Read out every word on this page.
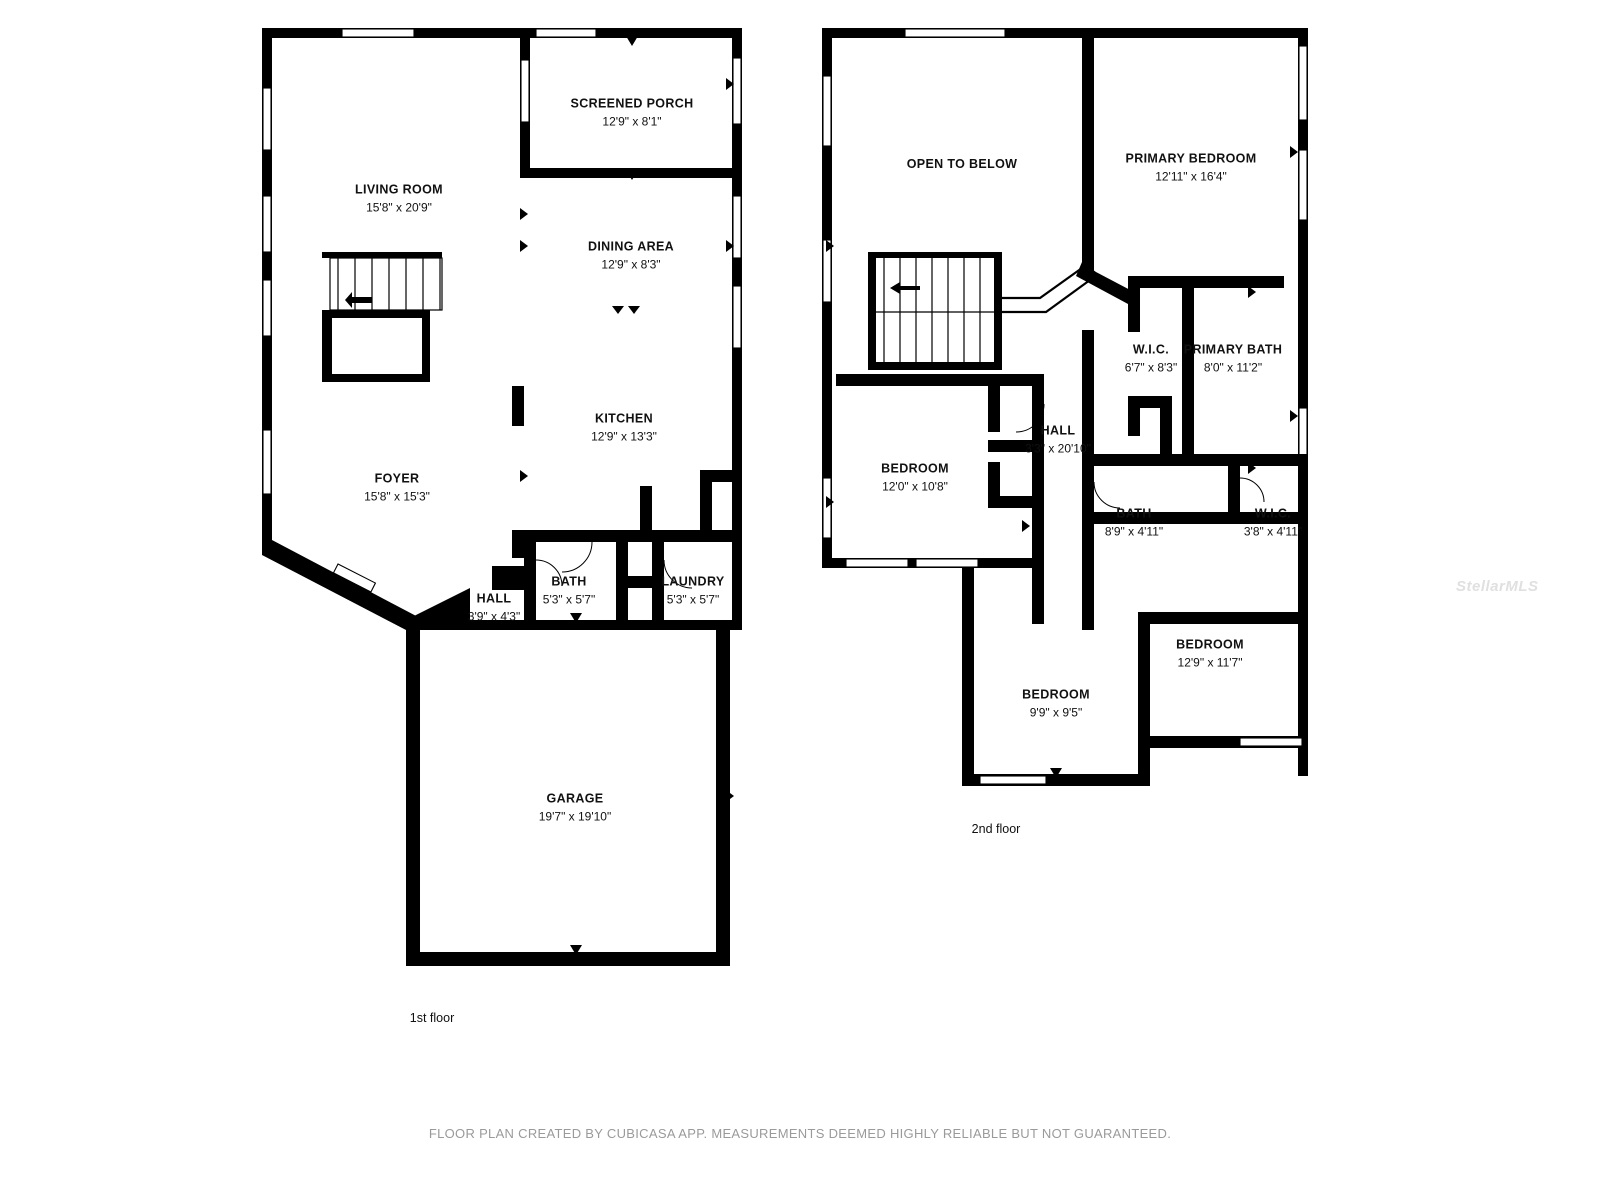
SCREENED PORCH
12'9" x 8'1"
LIVING ROOM
15'8" x 20'9"
DINING AREA
12'9" x 8'3"
KITCHEN
12'9" x 13'3"
FOYER
15'8" x 15'3"
BATH
5'3" x 5'7"
LAUNDRY
5'3" x 5'7"
HALL
3'9" x 4'3"
GARAGE
19'7" x 19'10"
OPEN TO BELOW	PRIMARY BEDROOM
12'11" x 16'4"
W.I.C.
6'7" x 8'3"
PRIMARY BATH
8'0" x 11'2"
HALL
3'3" x 20'10"
BEDROOM
12'0" x 10'8"
BATH
8'9" x 4'11"
W.I.C.
3'8" x 4'11"
BEDROOM
12'9" x 11'7"
BEDROOM
9'9" x 9'5"
1st floor
2nd floor
StellarMLS
FLOOR PLAN CREATED BY CUBICASA APP. MEASUREMENTS DEEMED HIGHLY RELIABLE BUT NOT GUARANTEED.
